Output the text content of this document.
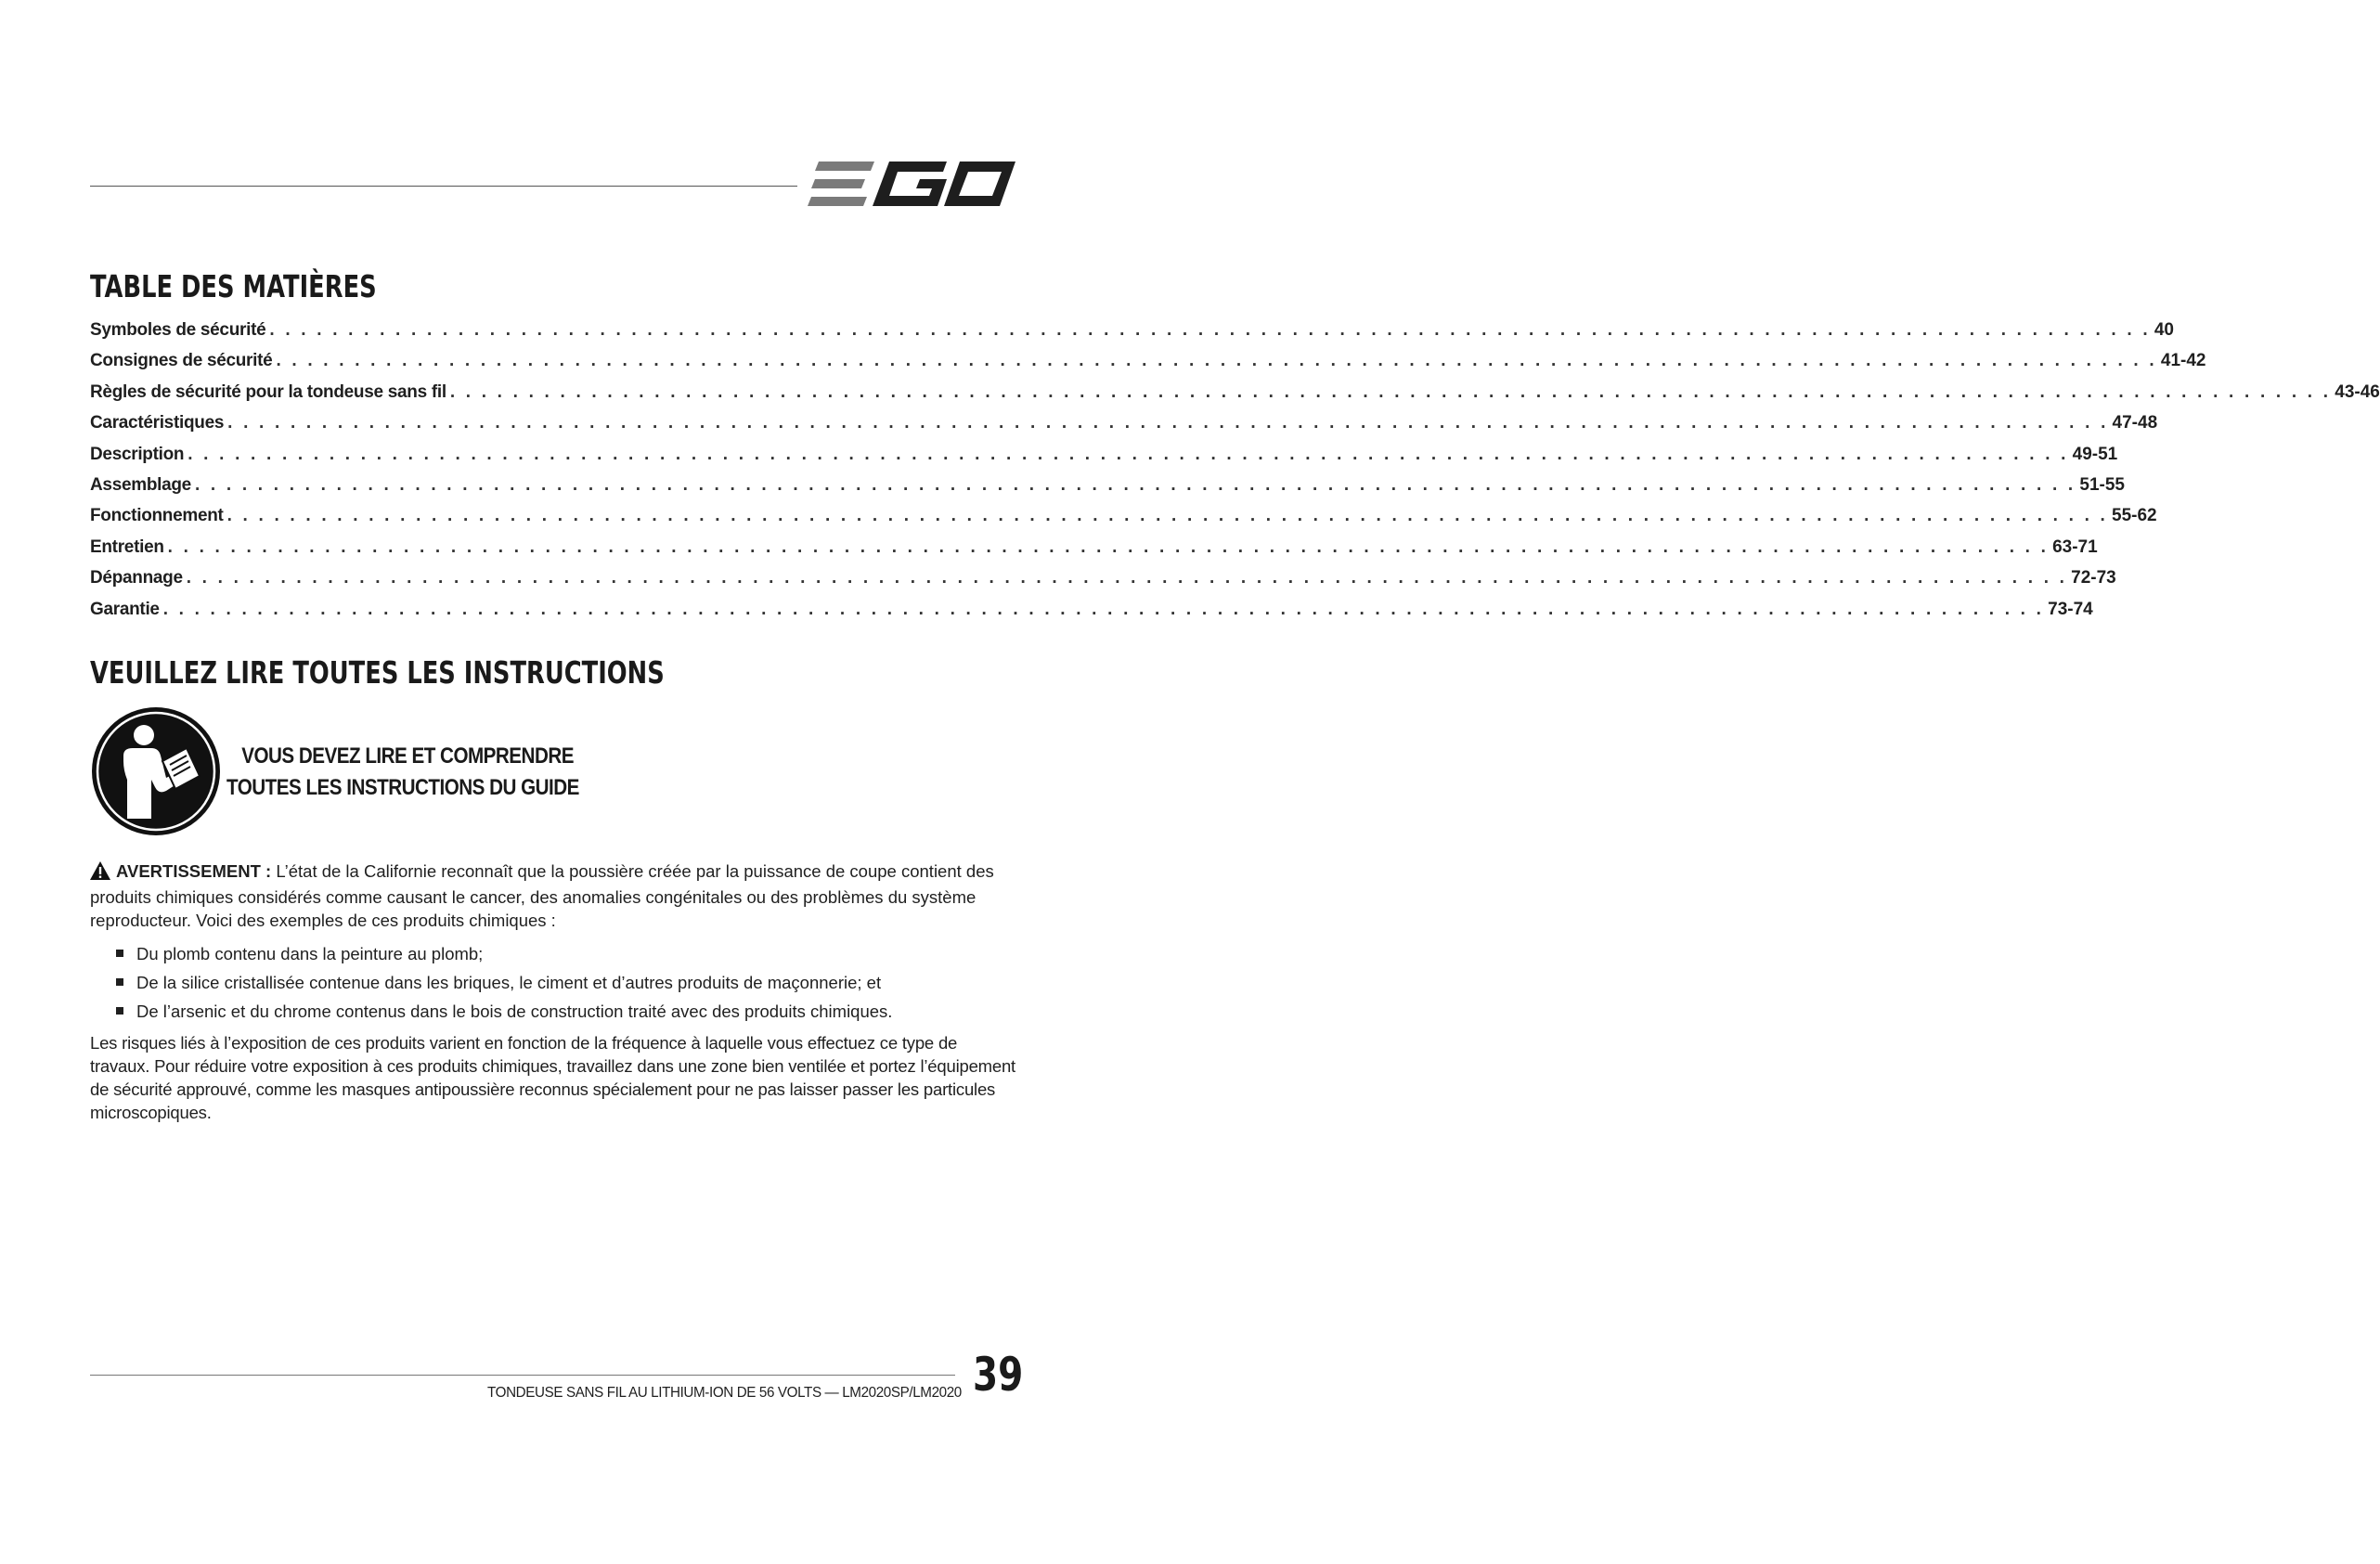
TABLE DES MATIÈRES
Symboles de sécurité . . . . . . . . . . . . . . . . . . . . . . . . . . . . . . . . . . . . . . . . . . . . . . . . . . . . . . . . . . . . . . . . . . . . . . . . . . . . . . . . . . . . . . . . . . . . . . . . . . . . . . . . . . . . . . . . . . . . . . . . 40
Consignes de sécurité . . . . . . . . . . . . . . . . . . . . . . . . . . . . . . . . . . . . . . . . . . . . . . . . . . . . . . . . . . . . . . . . . . . . . . . . . . . . . . . . . . . . . . . . . . . . . . . . . . . . . . . . . . . . . . . . . . . . . . . . 41-42
Règles de sécurité pour la tondeuse sans fil . . . . . . . . . . . . . . . . . . . . . . . . . . . . . . . . . . . . . . . . . . . . . . . . . . . . . . . . . . . . . . . . . . . . . . . . . . . . . . . . . . . . . . . . . . . . . . . . . . . . . . . . . . . . . . . . . . . . . . . . 43-46
Caractéristiques . . . . . . . . . . . . . . . . . . . . . . . . . . . . . . . . . . . . . . . . . . . . . . . . . . . . . . . . . . . . . . . . . . . . . . . . . . . . . . . . . . . . . . . . . . . . . . . . . . . . . . . . . . . . . . . . . . . . . . . . 47-48
Description . . . . . . . . . . . . . . . . . . . . . . . . . . . . . . . . . . . . . . . . . . . . . . . . . . . . . . . . . . . . . . . . . . . . . . . . . . . . . . . . . . . . . . . . . . . . . . . . . . . . . . . . . . . . . . . . . . . . . . . . 49-51
Assemblage . . . . . . . . . . . . . . . . . . . . . . . . . . . . . . . . . . . . . . . . . . . . . . . . . . . . . . . . . . . . . . . . . . . . . . . . . . . . . . . . . . . . . . . . . . . . . . . . . . . . . . . . . . . . . . . . . . . . . . . . 51-55
Fonctionnement . . . . . . . . . . . . . . . . . . . . . . . . . . . . . . . . . . . . . . . . . . . . . . . . . . . . . . . . . . . . . . . . . . . . . . . . . . . . . . . . . . . . . . . . . . . . . . . . . . . . . . . . . . . . . . . . . . . . . . . . 55-62
Entretien . . . . . . . . . . . . . . . . . . . . . . . . . . . . . . . . . . . . . . . . . . . . . . . . . . . . . . . . . . . . . . . . . . . . . . . . . . . . . . . . . . . . . . . . . . . . . . . . . . . . . . . . . . . . . . . . . . . . . . . . 63-71
Dépannage . . . . . . . . . . . . . . . . . . . . . . . . . . . . . . . . . . . . . . . . . . . . . . . . . . . . . . . . . . . . . . . . . . . . . . . . . . . . . . . . . . . . . . . . . . . . . . . . . . . . . . . . . . . . . . . . . . . . . . . . 72-73
Garantie . . . . . . . . . . . . . . . . . . . . . . . . . . . . . . . . . . . . . . . . . . . . . . . . . . . . . . . . . . . . . . . . . . . . . . . . . . . . . . . . . . . . . . . . . . . . . . . . . . . . . . . . . . . . . . . . . . . . . . . . 73-74
VEUILLEZ LIRE TOUTES LES INSTRUCTIONS
VOUS DEVEZ LIRE ET COMPRENDRE
TOUTES LES INSTRUCTIONS DU GUIDE

AVERTISSEMENT : L’état de la Californie reconnaît que la poussière créée par la puissance de coupe contient des produits chimiques considérés comme causant le cancer, des anomalies congénitales ou des problèmes du système reproducteur. Voici des exemples de ces produits chimiques :

Du plomb contenu dans la peinture au plomb;
De la silice cristallisée contenue dans les briques, le ciment et d’autres produits de maçonnerie; et
De l’arsenic et du chrome contenus dans le bois de construction traité avec des produits chimiques.

Les risques liés à l’exposition de ces produits varient en fonction de la fréquence à laquelle vous effectuez ce type de travaux. Pour réduire votre exposition à ces produits chimiques, travaillez dans une zone bien ventilée et portez l’équipement de sécurité approuvé, comme les masques antipoussière reconnus spécialement pour ne pas laisser passer les particules microscopiques.

TONDEUSE SANS FIL AU LITHIUM-ION DE 56 VOLTS — LM2020SP/LM2020 39
